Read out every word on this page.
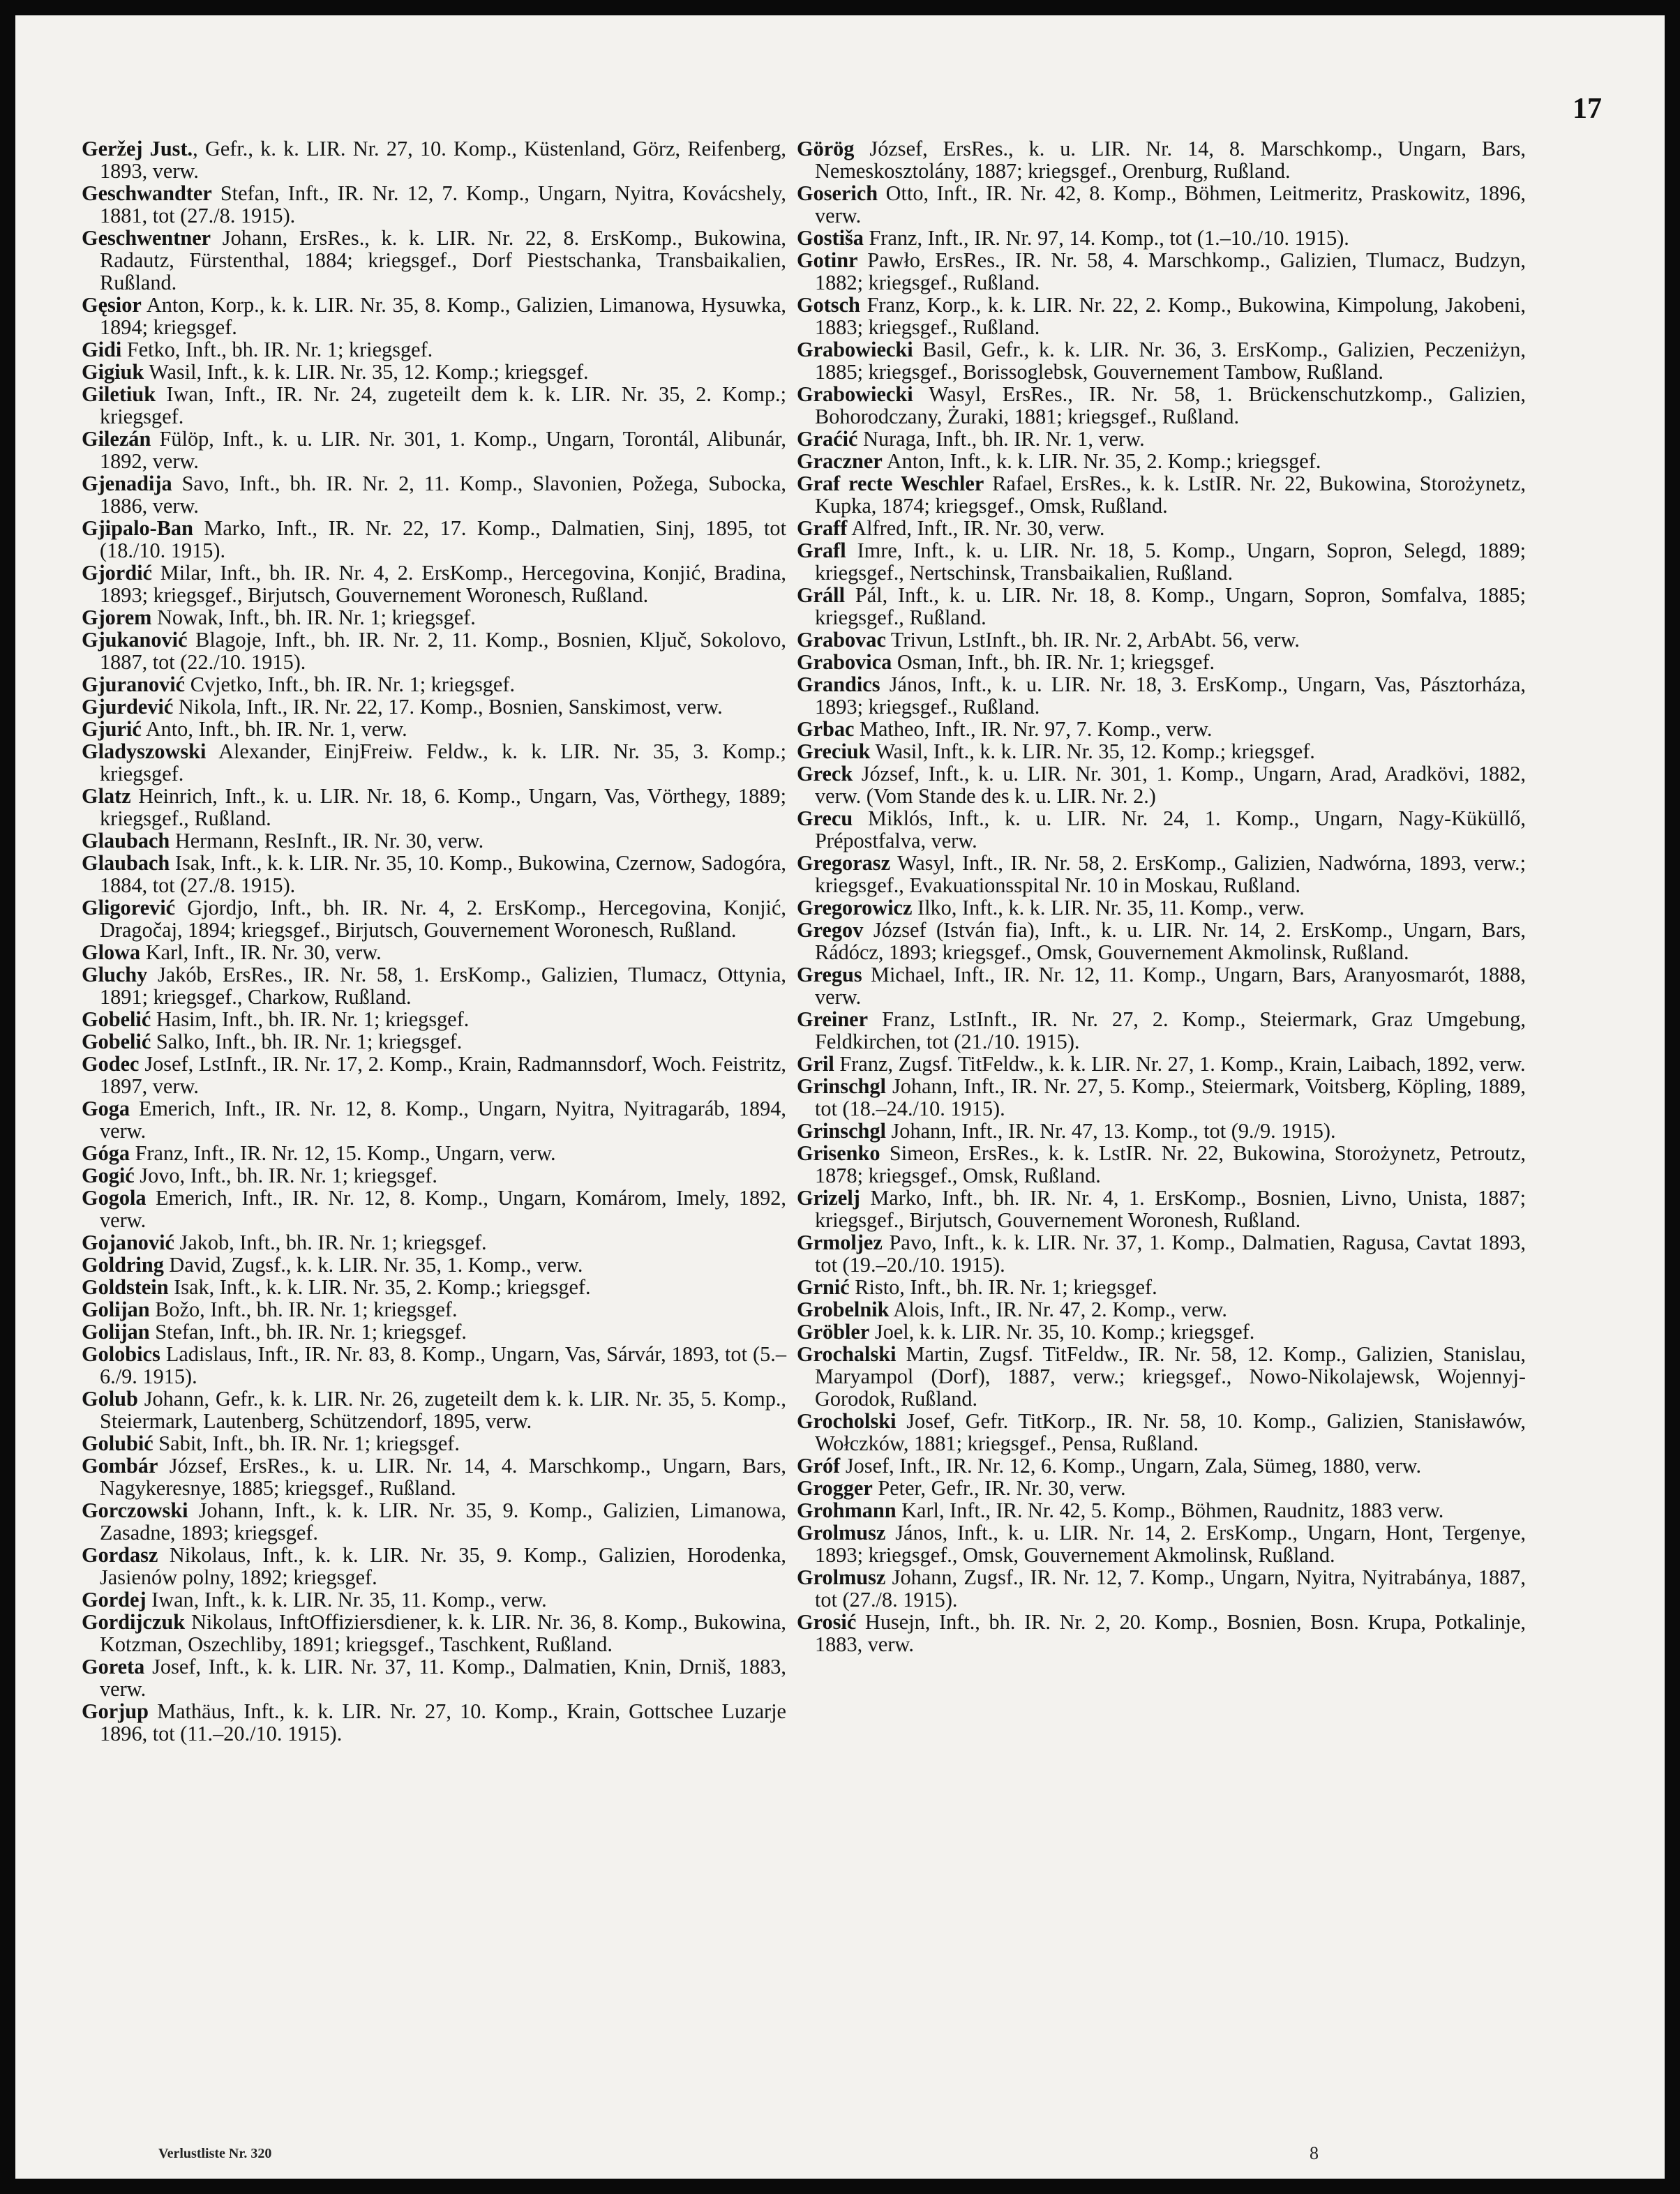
17

Geržej Just., Gefr., k. k. LIR. Nr. 27, 10. Komp., Küstenland, Görz, Reifenberg, 1893, verw.

Geschwandter Stefan, Inft., IR. Nr. 12, 7. Komp., Ungarn, Nyitra, Kovácshely, 1881, tot (27./8. 1915).

Geschwentner Johann, ErsRes., k. k. LIR. Nr. 22, 8. ErsKomp., Bukowina, Radautz, Fürstenthal, 1884; kriegsgef., Dorf Piestschanka, Transbaikalien, Rußland.

Gęsior Anton, Korp., k. k. LIR. Nr. 35, 8. Komp., Galizien, Limanowa, Hysuwka, 1894; kriegsgef.

Gidi Fetko, Inft., bh. IR. Nr. 1; kriegsgef.

Gigiuk Wasil, Inft., k. k. LIR. Nr. 35, 12. Komp.; kriegsgef.

Giletiuk Iwan, Inft., IR. Nr. 24, zugeteilt dem k. k. LIR. Nr. 35, 2. Komp.; kriegsgef.

Gilezán Fülöp, Inft., k. u. LIR. Nr. 301, 1. Komp., Ungarn, Torontál, Alibunár, 1892, verw.

Gjenadija Savo, Inft., bh. IR. Nr. 2, 11. Komp., Slavonien, Požega, Subocka, 1886, verw.

Gjipalo-Ban Marko, Inft., IR. Nr. 22, 17. Komp., Dalmatien, Sinj, 1895, tot (18./10. 1915).

Gjordić Milar, Inft., bh. IR. Nr. 4, 2. ErsKomp., Hercegovina, Konjić, Bradina, 1893; kriegsgef., Birjutsch, Gouvernement Woronesch, Rußland.

Gjorem Nowak, Inft., bh. IR. Nr. 1; kriegsgef.

Gjukanović Blagoje, Inft., bh. IR. Nr. 2, 11. Komp., Bosnien, Ključ, Sokolovo, 1887, tot (22./10. 1915).

Gjuranović Cvjetko, Inft., bh. IR. Nr. 1; kriegsgef.

Gjurdević Nikola, Inft., IR. Nr. 22, 17. Komp., Bosnien, Sanskimost, verw.

Gjurić Anto, Inft., bh. IR. Nr. 1, verw.

Gladyszowski Alexander, EinjFreiw. Feldw., k. k. LIR. Nr. 35, 3. Komp.; kriegsgef.

Glatz Heinrich, Inft., k. u. LIR. Nr. 18, 6. Komp., Ungarn, Vas, Vörthegy, 1889; kriegsgef., Rußland.

Glaubach Hermann, ResInft., IR. Nr. 30, verw.

Glaubach Isak, Inft., k. k. LIR. Nr. 35, 10. Komp., Bukowina, Czernow, Sadogóra, 1884, tot (27./8. 1915).

Gligorević Gjordjo, Inft., bh. IR. Nr. 4, 2. ErsKomp., Hercegovina, Konjić, Dragočaj, 1894; kriegsgef., Birjutsch, Gouvernement Woronesch, Rußland.

Glowa Karl, Inft., IR. Nr. 30, verw.

Gluchy Jakób, ErsRes., IR. Nr. 58, 1. ErsKomp., Galizien, Tlumacz, Ottynia, 1891; kriegsgef., Charkow, Rußland.

Gobelić Hasim, Inft., bh. IR. Nr. 1; kriegsgef.

Gobelić Salko, Inft., bh. IR. Nr. 1; kriegsgef.

Godec Josef, LstInft., IR. Nr. 17, 2. Komp., Krain, Radmannsdorf, Woch. Feistritz, 1897, verw.

Goga Emerich, Inft., IR. Nr. 12, 8. Komp., Ungarn, Nyitra, Nyitragaráb, 1894, verw.

Góga Franz, Inft., IR. Nr. 12, 15. Komp., Ungarn, verw.

Gogić Jovo, Inft., bh. IR. Nr. 1; kriegsgef.

Gogola Emerich, Inft., IR. Nr. 12, 8. Komp., Ungarn, Komárom, Imely, 1892, verw.

Gojanović Jakob, Inft., bh. IR. Nr. 1; kriegsgef.

Goldring David, Zugsf., k. k. LIR. Nr. 35, 1. Komp., verw.

Goldstein Isak, Inft., k. k. LIR. Nr. 35, 2. Komp.; kriegsgef.

Golijan Božo, Inft., bh. IR. Nr. 1; kriegsgef.

Golijan Stefan, Inft., bh. IR. Nr. 1; kriegsgef.

Golobics Ladislaus, Inft., IR. Nr. 83, 8. Komp., Ungarn, Vas, Sárvár, 1893, tot (5.–6./9. 1915).

Golub Johann, Gefr., k. k. LIR. Nr. 26, zugeteilt dem k. k. LIR. Nr. 35, 5. Komp., Steiermark, Lautenberg, Schützendorf, 1895, verw.

Golubić Sabit, Inft., bh. IR. Nr. 1; kriegsgef.

Gombár József, ErsRes., k. u. LIR. Nr. 14, 4. Marschkomp., Ungarn, Bars, Nagykeresnye, 1885; kriegsgef., Rußland.

Gorczowski Johann, Inft., k. k. LIR. Nr. 35, 9. Komp., Galizien, Limanowa, Zasadne, 1893; kriegsgef.

Gordasz Nikolaus, Inft., k. k. LIR. Nr. 35, 9. Komp., Galizien, Horodenka, Jasienów polny, 1892; kriegsgef.

Gordej Iwan, Inft., k. k. LIR. Nr. 35, 11. Komp., verw.

Gordijczuk Nikolaus, InftOffiziersdiener, k. k. LIR. Nr. 36, 8. Komp., Bukowina, Kotzman, Oszechliby, 1891; kriegsgef., Taschkent, Rußland.

Goreta Josef, Inft., k. k. LIR. Nr. 37, 11. Komp., Dalmatien, Knin, Drniš, 1883, verw.

Gorjup Mathäus, Inft., k. k. LIR. Nr. 27, 10. Komp., Krain, Gottschee Luzarje 1896, tot (11.–20./10. 1915).

Görög József, ErsRes., k. u. LIR. Nr. 14, 8. Marschkomp., Ungarn, Bars, Nemeskosztolány, 1887; kriegsgef., Orenburg, Rußland.

Goserich Otto, Inft., IR. Nr. 42, 8. Komp., Böhmen, Leitmeritz, Praskowitz, 1896, verw.

Gostiša Franz, Inft., IR. Nr. 97, 14. Komp., tot (1.–10./10. 1915).

Gotinr Pawło, ErsRes., IR. Nr. 58, 4. Marschkomp., Galizien, Tlumacz, Budzyn, 1882; kriegsgef., Rußland.

Gotsch Franz, Korp., k. k. LIR. Nr. 22, 2. Komp., Bukowina, Kimpolung, Jakobeni, 1883; kriegsgef., Rußland.

Grabowiecki Basil, Gefr., k. k. LIR. Nr. 36, 3. ErsKomp., Galizien, Peczeniżyn, 1885; kriegsgef., Borissoglebsk, Gouvernement Tambow, Rußland.

Grabowiecki Wasyl, ErsRes., IR. Nr. 58, 1. Brückenschutzkomp., Galizien, Bohorodczany, Żuraki, 1881; kriegsgef., Rußland.

Graćić Nuraga, Inft., bh. IR. Nr. 1, verw.

Graczner Anton, Inft., k. k. LIR. Nr. 35, 2. Komp.; kriegsgef.

Graf recte Weschler Rafael, ErsRes., k. k. LstIR. Nr. 22, Bukowina, Storożynetz, Kupka, 1874; kriegsgef., Omsk, Rußland.

Graff Alfred, Inft., IR. Nr. 30, verw.

Grafl Imre, Inft., k. u. LIR. Nr. 18, 5. Komp., Ungarn, Sopron, Selegd, 1889; kriegsgef., Nertschinsk, Transbaikalien, Rußland.

Gráll Pál, Inft., k. u. LIR. Nr. 18, 8. Komp., Ungarn, Sopron, Somfalva, 1885; kriegsgef., Rußland.

Grabovac Trivun, LstInft., bh. IR. Nr. 2, ArbAbt. 56, verw.

Grabovica Osman, Inft., bh. IR. Nr. 1; kriegsgef.

Grandics János, Inft., k. u. LIR. Nr. 18, 3. ErsKomp., Ungarn, Vas, Pásztorháza, 1893; kriegsgef., Rußland.

Grbac Matheo, Inft., IR. Nr. 97, 7. Komp., verw.

Greciuk Wasil, Inft., k. k. LIR. Nr. 35, 12. Komp.; kriegsgef.

Greck József, Inft., k. u. LIR. Nr. 301, 1. Komp., Ungarn, Arad, Aradkövi, 1882, verw. (Vom Stande des k. u. LIR. Nr. 2.)

Grecu Miklós, Inft., k. u. LIR. Nr. 24, 1. Komp., Ungarn, Nagy-Küküllő, Prépostfalva, verw.

Gregorasz Wasyl, Inft., IR. Nr. 58, 2. ErsKomp., Galizien, Nadwórna, 1893, verw.; kriegsgef., Evakuationsspital Nr. 10 in Moskau, Rußland.

Gregorowicz Ilko, Inft., k. k. LIR. Nr. 35, 11. Komp., verw.

Gregov József (István fia), Inft., k. u. LIR. Nr. 14, 2. ErsKomp., Ungarn, Bars, Rádócz, 1893; kriegsgef., Omsk, Gouvernement Akmolinsk, Rußland.

Gregus Michael, Inft., IR. Nr. 12, 11. Komp., Ungarn, Bars, Aranyosmarót, 1888, verw.

Greiner Franz, LstInft., IR. Nr. 27, 2. Komp., Steiermark, Graz Umgebung, Feldkirchen, tot (21./10. 1915).

Gril Franz, Zugsf. TitFeldw., k. k. LIR. Nr. 27, 1. Komp., Krain, Laibach, 1892, verw.

Grinschgl Johann, Inft., IR. Nr. 27, 5. Komp., Steiermark, Voitsberg, Köpling, 1889, tot (18.–24./10. 1915).

Grinschgl Johann, Inft., IR. Nr. 47, 13. Komp., tot (9./9. 1915).

Grisenko Simeon, ErsRes., k. k. LstIR. Nr. 22, Bukowina, Storożynetz, Petroutz, 1878; kriegsgef., Omsk, Rußland.

Grizelj Marko, Inft., bh. IR. Nr. 4, 1. ErsKomp., Bosnien, Livno, Unista, 1887; kriegsgef., Birjutsch, Gouvernement Woronesh, Rußland.

Grmoljez Pavo, Inft., k. k. LIR. Nr. 37, 1. Komp., Dalmatien, Ragusa, Cavtat 1893, tot (19.–20./10. 1915).

Grnić Risto, Inft., bh. IR. Nr. 1; kriegsgef.

Grobelnik Alois, Inft., IR. Nr. 47, 2. Komp., verw.

Gröbler Joel, k. k. LIR. Nr. 35, 10. Komp.; kriegsgef.

Grochalski Martin, Zugsf. TitFeldw., IR. Nr. 58, 12. Komp., Galizien, Stanislau, Maryampol (Dorf), 1887, verw.; kriegsgef., Nowo-Nikolajewsk, Wojennyj-Gorodok, Rußland.

Grocholski Josef, Gefr. TitKorp., IR. Nr. 58, 10. Komp., Galizien, Stanisławów, Wołczków, 1881; kriegsgef., Pensa, Rußland.

Gróf Josef, Inft., IR. Nr. 12, 6. Komp., Ungarn, Zala, Sümeg, 1880, verw.

Grogger Peter, Gefr., IR. Nr. 30, verw.

Grohmann Karl, Inft., IR. Nr. 42, 5. Komp., Böhmen, Raudnitz, 1883 verw.

Grolmusz János, Inft., k. u. LIR. Nr. 14, 2. ErsKomp., Ungarn, Hont, Tergenye, 1893; kriegsgef., Omsk, Gouvernement Akmolinsk, Rußland.

Grolmusz Johann, Zugsf., IR. Nr. 12, 7. Komp., Ungarn, Nyitra, Nyitrabánya, 1887, tot (27./8. 1915).

Grosić Husejn, Inft., bh. IR. Nr. 2, 20. Komp., Bosnien, Bosn. Krupa, Potkalinje, 1883, verw.

Verlustliste Nr. 320	8
